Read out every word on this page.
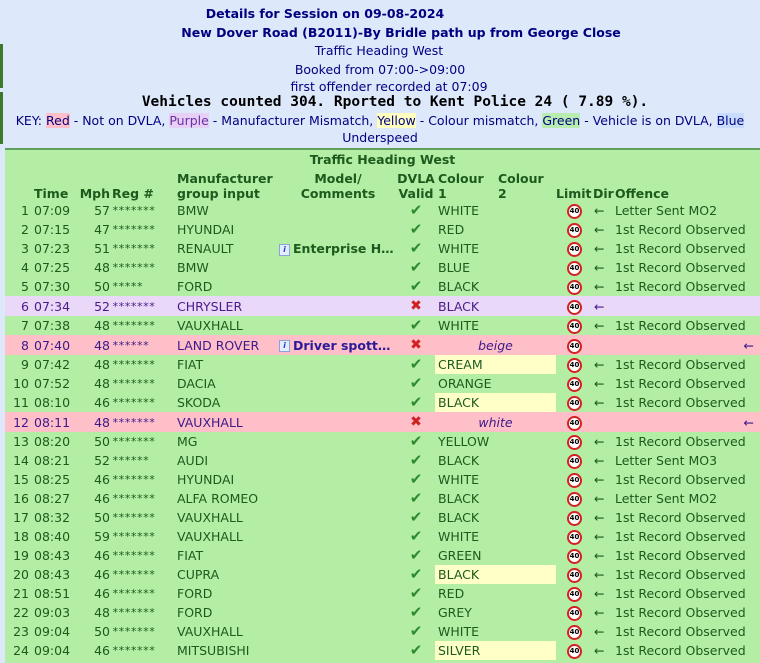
Details for Session on 09-08-2024
New Dover Road (B2011)-By Bridle path up from George Close
Traffic Heading West
Booked from 07:00->09:00
first offender recorded at 07:09
Vehicles counted 304. Rported to Kent Police 24 ( 7.89 %).
KEY: Red - Not on DVLA, Purple - Manufacturer Mismatch, Yellow - Colour mismatch, Green - Vehicle is on DVLA, Blue Underspeed
Traffic Heading West											
	Time	Mph	Reg #	Manufacturer group input	Model/ Comments	DVLA Valid	Colour 1	Colour 2	Limit	Dir	Offence
1	07:09	57	*******	BMW		✔	WHITE		40	←	Letter Sent MO2
2	07:15	47	*******	HYUNDAI		✔	RED		40	←	1st Record Observed
3	07:23	51	*******	RENAULT	i Enterprise H…	✔	WHITE		40	←	1st Record Observed
4	07:25	48	*******	BMW		✔	BLUE		40	←	1st Record Observed
5	07:30	50	*****	FORD		✔	BLACK		40	←	1st Record Observed
6	07:34	52	*******	CHRYSLER		✖	BLACK		40	←	
7	07:38	48	*******	VAUXHALL		✔	WHITE		40	←	1st Record Observed
8	07:40	48	******	LAND ROVER	i Driver spott…	✖	beige		40	←	
9	07:42	48	*******	FIAT		✔	CREAM		40	←	1st Record Observed
10	07:52	48	*******	DACIA		✔	ORANGE		40	←	1st Record Observed
11	08:10	46	*******	SKODA		✔	BLACK		40	←	1st Record Observed
12	08:11	48	*******	VAUXHALL		✖	white		40	←	
13	08:20	50	*******	MG		✔	YELLOW		40	←	1st Record Observed
14	08:21	52	******	AUDI		✔	BLACK		40	←	Letter Sent MO3
15	08:25	46	*******	HYUNDAI		✔	WHITE		40	←	1st Record Observed
16	08:27	46	*******	ALFA ROMEO		✔	BLACK		40	←	Letter Sent MO2
17	08:32	50	*******	VAUXHALL		✔	BLACK		40	←	1st Record Observed
18	08:40	59	*******	VAUXHALL		✔	WHITE		40	←	1st Record Observed
19	08:43	46	*******	FIAT		✔	GREEN		40	←	1st Record Observed
20	08:43	46	*******	CUPRA		✔	BLACK		40	←	1st Record Observed
21	08:51	46	*******	FORD		✔	RED		40	←	1st Record Observed
22	09:03	48	*******	FORD		✔	GREY		40	←	1st Record Observed
23	09:04	50	*******	VAUXHALL		✔	WHITE		40	←	1st Record Observed
24	09:04	46	*******	MITSUBISHI		✔	SILVER		40	←	1st Record Observed
